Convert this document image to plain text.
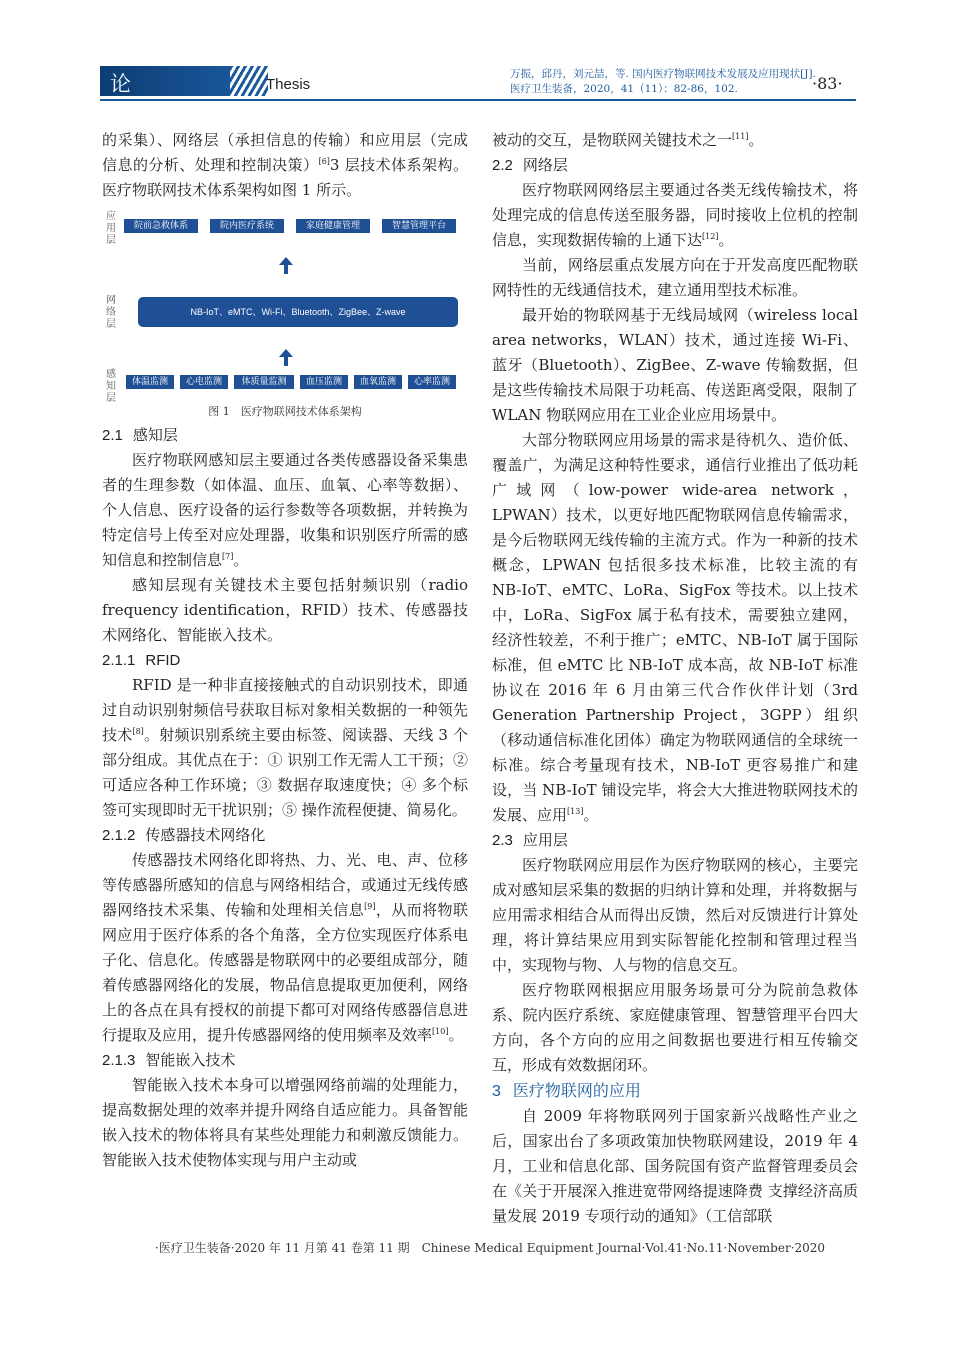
论 著
Thesis
万振，邱丹，刘元喆，等. 国内医疗物联网技术发展及应用现状[J].
医疗卫生装备，2020，41（11）：82-86，102.	·83·

的采集）、网络层（承担信息的传输）和应用层（完成信息的分析、处理和控制决策）[6]3 层技术体系架构。医疗物联网技术体系架构如图 1 所示。

应用层
院前急救体系	院内医疗系统	家庭健康管理	智慧管理平台
网络层
NB-IoT、eMTC、Wi-Fi、Bluetooth、ZigBee、Z-wave
感知层
体温监测	心电监测	体质量监测	血压监测	血氧监测	心率监测
图 1　医疗物联网技术体系架构
2.1 感知层

医疗物联网感知层主要通过各类传感器设备采集患者的生理参数（如体温、血压、血氧、心率等数据）、个人信息、医疗设备的运行参数等各项数据，并转换为特定信号上传至对应处理器，收集和识别医疗所需的感知信息和控制信息[7]。

感知层现有关键技术主要包括射频识别（radio frequency identification，RFID）技术、传感器技术网络化、智能嵌入技术。

2.1.1 RFID

RFID 是一种非直接接触式的自动识别技术，即通过自动识别射频信号获取目标对象相关数据的一种领先技术[8]。射频识别系统主要由标签、阅读器、天线 3 个部分组成。其优点在于：① 识别工作无需人工干预；② 可适应各种工作环境；③ 数据存取速度快；④ 多个标签可实现即时无干扰识别；⑤ 操作流程便捷、简易化。

2.1.2 传感器技术网络化

传感器技术网络化即将热、力、光、电、声、位移等传感器所感知的信息与网络相结合，或通过无线传感器网络技术采集、传输和处理相关信息[9]，从而将物联网应用于医疗体系的各个角落，全方位实现医疗体系电子化、信息化。传感器是物联网中的必要组成部分，随着传感器网络化的发展，物品信息提取更加便利，网络上的各点在具有授权的前提下都可对网络传感器信息进行提取及应用，提升传感器网络的使用频率及效率[10]。

2.1.3 智能嵌入技术

智能嵌入技术本身可以增强网络前端的处理能力，提高数据处理的效率并提升网络自适应能力。具备智能嵌入技术的物体将具有某些处理能力和刺激反馈能力。智能嵌入技术使物体实现与用户主动或

被动的交互，是物联网关键技术之一[11]。

2.2 网络层

医疗物联网网络层主要通过各类无线传输技术，将处理完成的信息传送至服务器，同时接收上位机的控制信息，实现数据传输的上通下达[12]。

当前，网络层重点发展方向在于开发高度匹配物联网特性的无线通信技术，建立通用型技术标准。

最开始的物联网基于无线局域网（wireless local area networks，WLAN）技术，通过连接 Wi-Fi、蓝牙（Bluetooth）、ZigBee、Z-wave 传输数据，但是这些传输技术局限于功耗高、传送距离受限，限制了 WLAN 物联网应用在工业企业应用场景中。

大部分物联网应用场景的需求是待机久、造价低、覆盖广，为满足这种特性要求，通信行业推出了低功耗广域网（low-power wide-area network，LPWAN）技术，以更好地匹配物联网信息传输需求，是今后物联网无线传输的主流方式。作为一种新的技术概念，LPWAN 包括很多技术标准，比较主流的有 NB-IoT、eMTC、LoRa、SigFox 等技术。以上技术中，LoRa、SigFox 属于私有技术，需要独立建网，经济性较差，不利于推广；eMTC、NB-IoT 属于国际标准，但 eMTC 比 NB-IoT 成本高，故 NB-IoT 标准协议在 2016 年 6 月由第三代合作伙伴计划（3rd Generation Partnership Project，3GPP）组织（移动通信标准化团体）确定为物联网通信的全球统一标准。综合考量现有技术，NB-IoT 更容易推广和建设，当 NB-IoT 铺设完毕，将会大大推进物联网技术的发展、应用[13]。

2.3 应用层

医疗物联网应用层作为医疗物联网的核心，主要完成对感知层采集的数据的归纳计算和处理，并将数据与应用需求相结合从而得出反馈，然后对反馈进行计算处理，将计算结果应用到实际智能化控制和管理过程当中，实现物与物、人与物的信息交互。

医疗物联网根据应用服务场景可分为院前急救体系、院内医疗系统、家庭健康管理、智慧管理平台四大方向，各个方向的应用之间数据也要进行相互传输交互，形成有效数据闭环。

3 医疗物联网的应用

自 2009 年将物联网列于国家新兴战略性产业之后，国家出台了多项政策加快物联网建设，2019 年 4 月，工业和信息化部、国务院国有资产监督管理委员会在《关于开展深入推进宽带网络提速降费 支撑经济高质量发展 2019 专项行动的通知》（工信部联

·医疗卫生装备·2020 年 11 月第 41 卷第 11 期　Chinese Medical Equipment Journal·Vol.41·No.11·November·2020
